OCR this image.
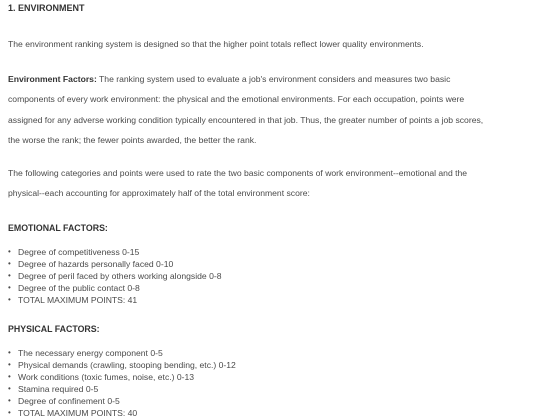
1. ENVIRONMENT

The environment ranking system is designed so that the higher point totals reflect lower quality environments.

Environment Factors: The ranking system used to evaluate a job's environment considers and measures two basic
components of every work environment: the physical and the emotional environments. For each occupation, points were
assigned for any adverse working condition typically encountered in that job. Thus, the greater number of points a job scores,
the worse the rank; the fewer points awarded, the better the rank.

The following categories and points were used to rate the two basic components of work environment--emotional and the
physical--each accounting for approximately half of the total environment score:

EMOTIONAL FACTORS:
• Degree of competitiveness 0-15
• Degree of hazards personally faced 0-10
• Degree of peril faced by others working alongside 0-8
• Degree of the public contact 0-8
• TOTAL MAXIMUM POINTS: 41
PHYSICAL FACTORS:
• The necessary energy component 0-5
• Physical demands (crawling, stooping bending, etc.) 0-12
• Work conditions (toxic fumes, noise, etc.) 0-13
• Stamina required 0-5
• Degree of confinement 0-5
• TOTAL MAXIMUM POINTS: 40
